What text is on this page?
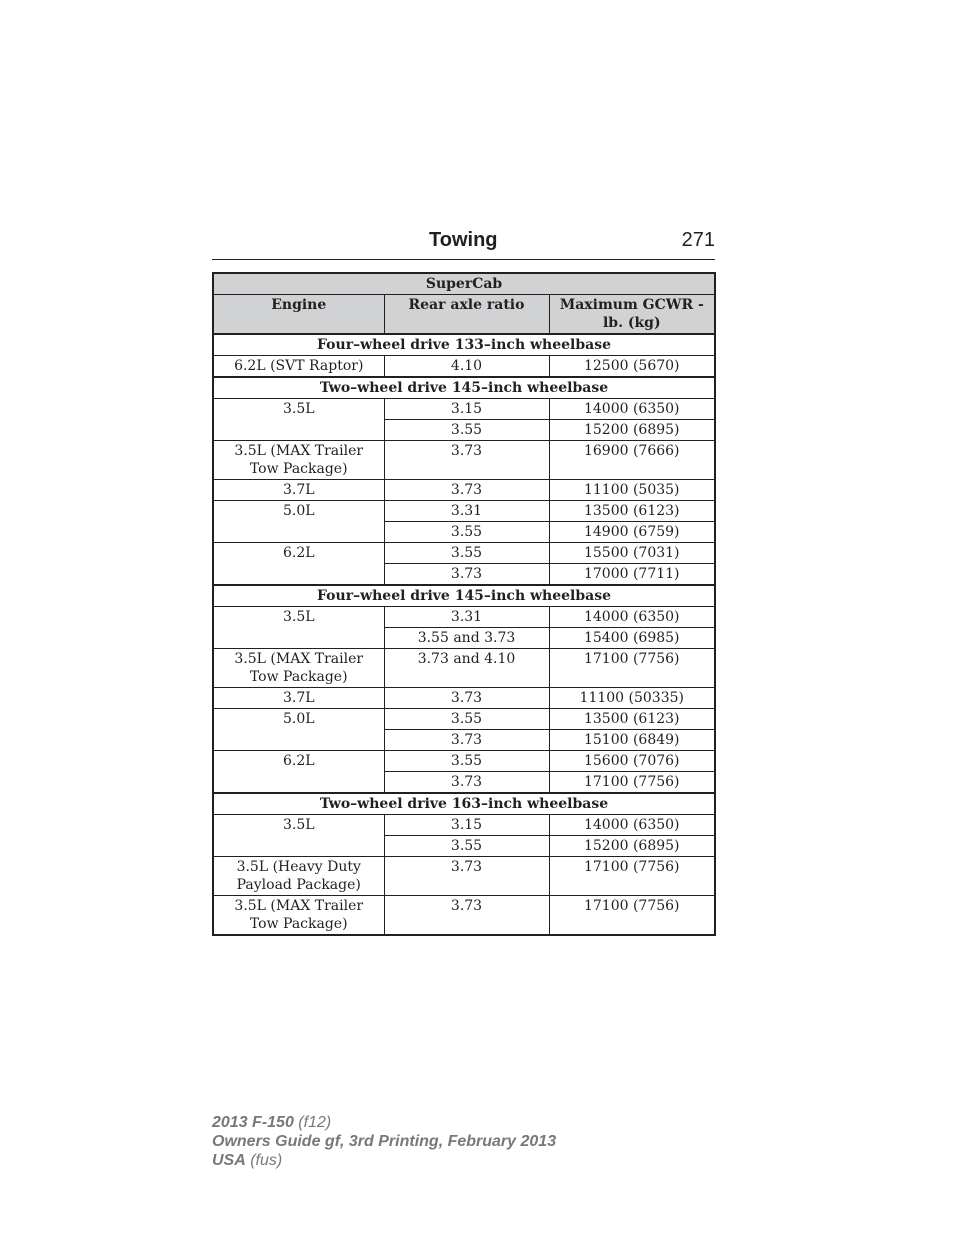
Towing	271
SuperCab		
Engine	Rear axle ratio	Maximum GCWR - lb. (kg)
Four–wheel drive 133–inch wheelbase		
6.2L (SVT Raptor)	4.10	12500 (5670)
Two–wheel drive 145–inch wheelbase		
3.5L	3.15	14000 (6350)
	3.55	15200 (6895)
3.5L (MAX Trailer Tow Package)	3.73	16900 (7666)
3.7L	3.73	11100 (5035)
5.0L	3.31	13500 (6123)
	3.55	14900 (6759)
6.2L	3.55	15500 (7031)
	3.73	17000 (7711)
Four–wheel drive 145–inch wheelbase		
3.5L	3.31	14000 (6350)
	3.55 and 3.73	15400 (6985)
3.5L (MAX Trailer Tow Package)	3.73 and 4.10	17100 (7756)
3.7L	3.73	11100 (50335)
5.0L	3.55	13500 (6123)
	3.73	15100 (6849)
6.2L	3.55	15600 (7076)
	3.73	17100 (7756)
Two–wheel drive 163–inch wheelbase		
3.5L	3.15	14000 (6350)
	3.55	15200 (6895)
3.5L (Heavy Duty Payload Package)	3.73	17100 (7756)
3.5L (MAX Trailer Tow Package)	3.73	17100 (7756)
2013 F-150 (f12)
Owners Guide gf, 3rd Printing, February 2013
USA (fus)
